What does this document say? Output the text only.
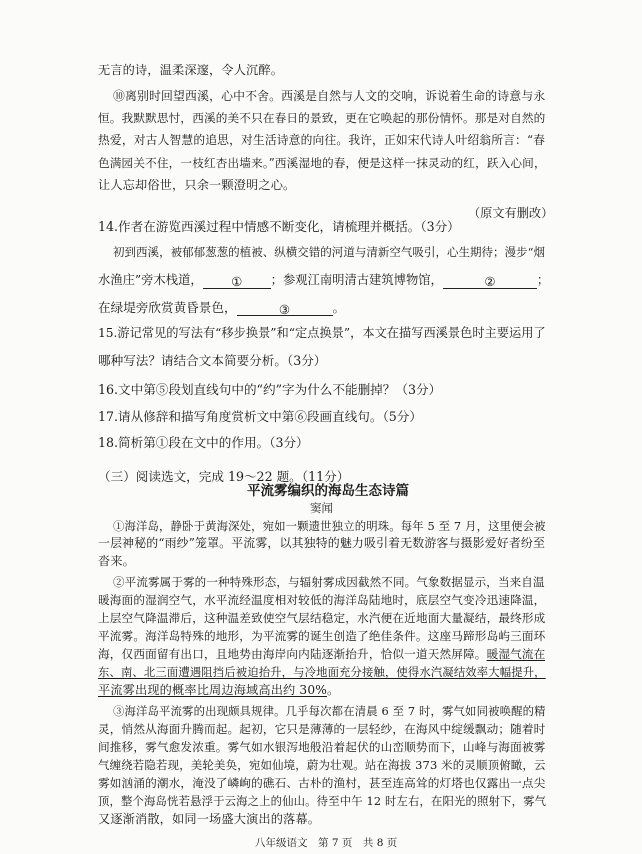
无言的诗，温柔深邃，令人沉醉。

⑩离别时回望西溪，心中不舍。西溪是自然与人文的交响，诉说着生命的诗意与永

恒。我默默思忖，西溪的美不只在春日的景致，更在它唤起的那份情怀。那是对自然的

热爱，对古人智慧的追思，对生活诗意的向往。我许，正如宋代诗人叶绍翁所言：“春

色满园关不住，一枝红杏出墙来。”西溪湿地的春，便是这样一抹灵动的红，跃入心间，

让人忘却俗世，只余一颗澄明之心。

（原文有删改）

14.作者在游览西溪过程中情感不断变化，请梳理并概括。（3分）

初到西溪，被郁郁葱葱的植被、纵横交错的河道与清新空气吸引，心生期待；漫步“烟

水渔庄”旁木栈道， ① ；参观江南明清古建筑博物馆，	②	；

在绿堤旁欣赏黄昏景色，	③	。

15.游记常见的写法有“移步换景”和“定点换景”，本文在描写西溪景色时主要运用了

哪种写法？请结合文本简要分析。（3分）

16.文中第⑤段划直线句中的“约”字为什么不能删掉？（3分）

17.请从修辞和描写角度赏析文中第⑥段画直线句。（5分）

18.简析第①段在文中的作用。（3分）

（三）阅读选文，完成 19～22 题。（11分）

平流雾编织的海岛生态诗篇

窦闻

①海洋岛，静卧于黄海深处，宛如一颗遗世独立的明珠。每年 5 至 7 月，这里便会被

一层神秘的“雨纱”笼罩。平流雾，以其独特的魅力吸引着无数游客与摄影爱好者纷至

沓来。

②平流雾属于雾的一种特殊形态，与辐射雾成因截然不同。气象数据显示，当来自温

暖海面的湿润空气，水平流经温度相对较低的海洋岛陆地时，底层空气变冷迅速降温，

上层空气降温滞后，这种温差致使空气层结稳定，水汽便在近地面大量凝结，最终形成

平流雾。海洋岛特殊的地形，为平流雾的诞生创造了绝佳条件。这座马蹄形岛屿三面环

海，仅西面留有出口，且地势由海岸向内陆逐渐抬升，恰似一道天然屏障。暖湿气流在

东、南、北三面遭遇阻挡后被迫抬升，与冷地面充分接触，使得水汽凝结效率大幅提升，

平流雾出现的概率比周边海域高出约 30%。

③海洋岛平流雾的出现颇具规律。几乎每次都在清晨 6 至 7 时，雾气如同被唤醒的精

灵，悄然从海面升腾而起。起初，它只是薄薄的一层轻纱，在海风中绽缓飘动；随着时

间推移，雾气愈发浓重。雾气如水银泻地般沿着起伏的山峦顺势而下，山峰与海面被雾

气缠绕若隐若现，美轮美奂，宛如仙境，蔚为壮观。站在海拔 373 米的灵顺顶俯瞰，云

雾如汹涌的潮水，淹没了嶙峋的礁石、古朴的渔村，甚至连高耸的灯塔也仅露出一点尖

顶，整个海岛恍若悬浮于云海之上的仙山。待至中午 12 时左右，在阳光的照射下，雾气

又逐渐消散，如同一场盛大演出的落幕。

八年级语文　第 7 页　共 8 页
